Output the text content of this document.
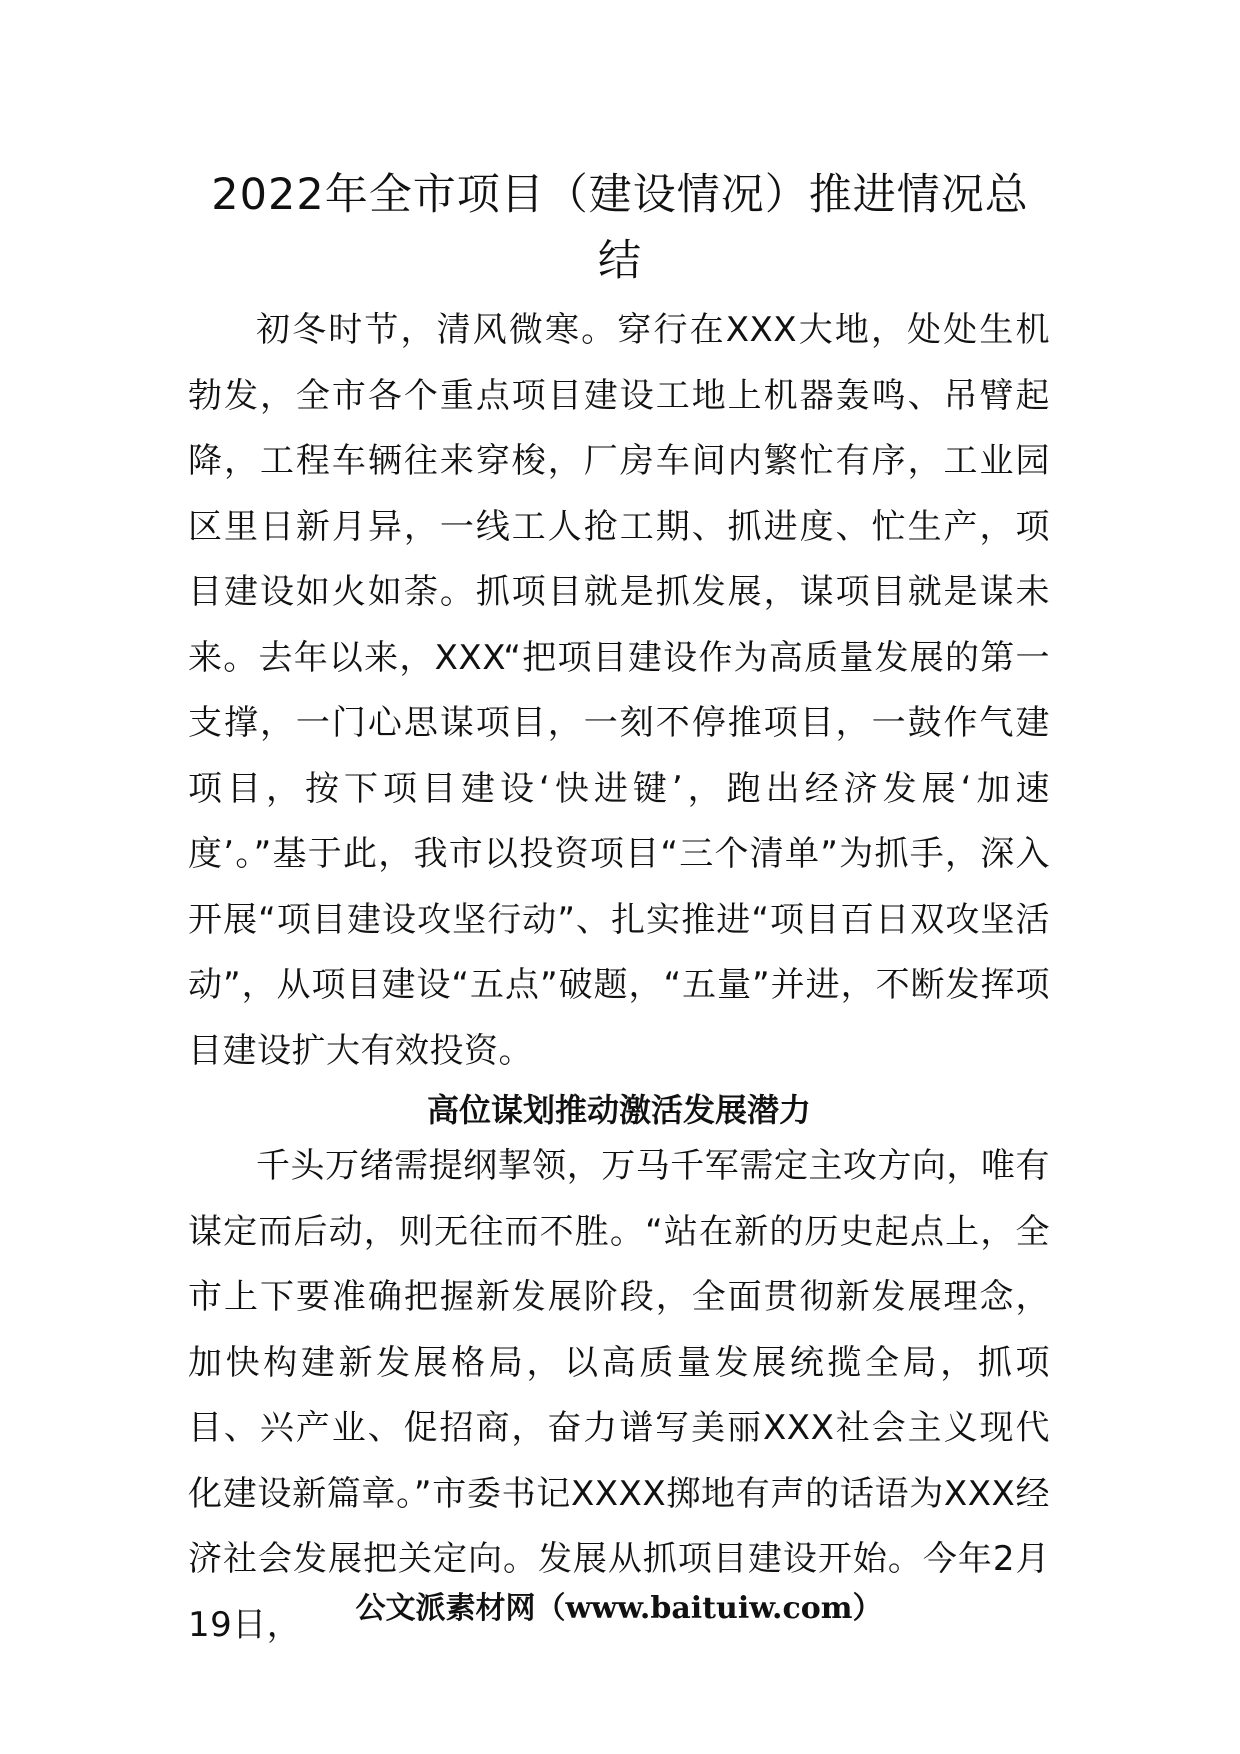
2022年全市项目（建设情况）推进情况总结

初冬时节，清风微寒。穿行在XXX大地，处处生机勃发，全市各个重点项目建设工地上机器轰鸣、吊臂起降，工程车辆往来穿梭，厂房车间内繁忙有序，工业园区里日新月异，一线工人抢工期、抓进度、忙生产，项目建设如火如荼。抓项目就是抓发展，谋项目就是谋未来。去年以来，XXX“把项目建设作为高质量发展的第一支撑，一门心思谋项目，一刻不停推项目，一鼓作气建项目，按下项目建设‘快进键’，跑出经济发展‘加速度’。”基于此，我市以投资项目“三个清单”为抓手，深入开展“项目建设攻坚行动”、扎实推进“项目百日双攻坚活动”，从项目建设“五点”破题，“五量”并进，不断发挥项目建设扩大有效投资。

高位谋划推动激活发展潜力

千头万绪需提纲挈领，万马千军需定主攻方向，唯有谋定而后动，则无往而不胜。“站在新的历史起点上，全市上下要准确把握新发展阶段，全面贯彻新发展理念，加快构建新发展格局，以高质量发展统揽全局，抓项目、兴产业、促招商，奋力谱写美丽XXX社会主义现代化建设新篇章。”市委书记XXXX掷地有声的话语为XXX经济社会发展把关定向。发展从抓项目建设开始。今年2月19日，	公文派素材网（www.baituiw.com）
